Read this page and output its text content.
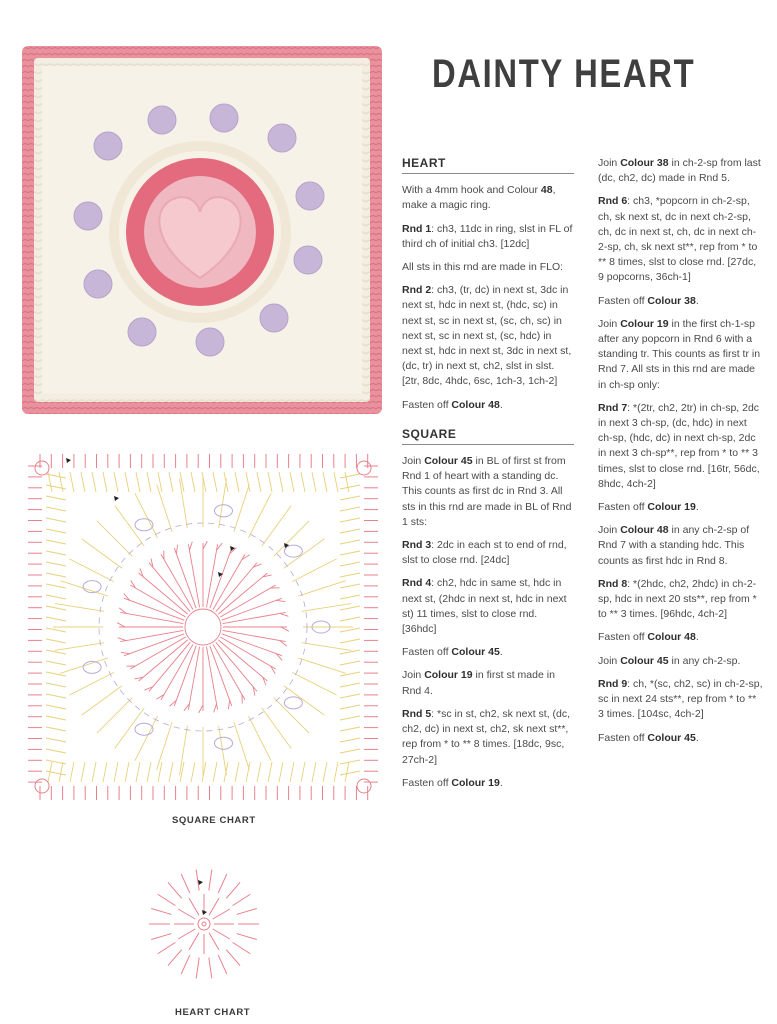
DAINTY HEART
HEART

With a 4mm hook and Colour 48, make a magic ring.

Rnd 1: ch3, 11dc in ring, slst in FL of third ch of initial ch3. [12dc]

All sts in this rnd are made in FLO:

Rnd 2: ch3, (tr, dc) in next st, 3dc in next st, hdc in next st, (hdc, sc) in next st, sc in next st, (sc, ch, sc) in next st, sc in next st, (sc, hdc) in next st, hdc in next st, 3dc in next st, (dc, tr) in next st, ch2, slst in slst. [2tr, 8dc, 4hdc, 6sc, 1ch-3, 1ch-2]

Fasten off Colour 48.

SQUARE

Join Colour 45 in BL of first st from Rnd 1 of heart with a standing dc. This counts as first dc in Rnd 3. All sts in this rnd are made in BL of Rnd 1 sts:

Rnd 3: 2dc in each st to end of rnd, slst to close rnd. [24dc]

Rnd 4: ch2, hdc in same st, hdc in next st, (2hdc in next st, hdc in next st) 11 times, slst to close rnd. [36hdc]

Fasten off Colour 45.

Join Colour 19 in first st made in Rnd 4.

Rnd 5: *sc in st, ch2, sk next st, (dc, ch2, dc) in next st, ch2, sk next st**, rep from * to ** 8 times. [18dc, 9sc, 27ch-2]

Fasten off Colour 19.

Join Colour 38 in ch-2-sp from last (dc, ch2, dc) made in Rnd 5.

Rnd 6: ch3, *popcorn in ch-2-sp, ch, sk next st, dc in next ch-2-sp, ch, dc in next st, ch, dc in next ch-2-sp, ch, sk next st**, rep from * to ** 8 times, slst to close rnd. [27dc, 9 popcorns, 36ch-1]

Fasten off Colour 38.

Join Colour 19 in the first ch-1-sp after any popcorn in Rnd 6 with a standing tr. This counts as first tr in Rnd 7. All sts in this rnd are made in ch-sp only:

Rnd 7: *(2tr, ch2, 2tr) in ch-sp, 2dc in next 3 ch-sp, (dc, hdc) in next ch-sp, (hdc, dc) in next ch-sp, 2dc in next 3 ch-sp**, rep from * to ** 3 times, slst to close rnd. [16tr, 56dc, 8hdc, 4ch-2]

Fasten off Colour 19.

Join Colour 48 in any ch-2-sp of Rnd 7 with a standing hdc. This counts as first hdc in Rnd 8.

Rnd 8: *(2hdc, ch2, 2hdc) in ch-2-sp, hdc in next 20 sts**, rep from * to ** 3 times. [96hdc, 4ch-2]

Fasten off Colour 48.

Join Colour 45 in any ch-2-sp.

Rnd 9: ch, *(sc, ch2, sc) in ch-2-sp, sc in next 24 sts**, rep from * to ** 3 times. [104sc, 4ch-2]

Fasten off Colour 45.

SQUARE CHART
HEART CHART
